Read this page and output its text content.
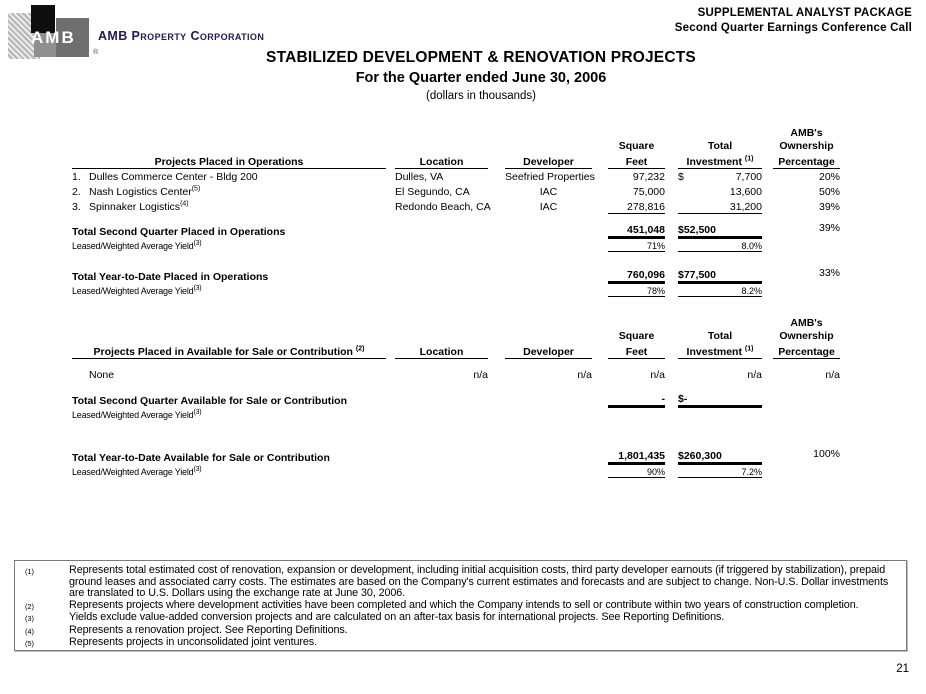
AMB
®
AMB Property Corporation
SUPPLEMENTAL ANALYST PACKAGE
Second Quarter Earnings Conference Call
STABILIZED DEVELOPMENT & RENOVATION PROJECTS
For the Quarter ended June 30, 2006
(dollars in thousands)
										AMB's
						Square		Total		Ownership
Projects Placed in Operations		Location		Developer		Feet		Investment $^{(1)}$		Percentage
1. Dulles Commerce Center - Bldg 200		Dulles, VA		Seefried Properties		97,232		$ 7,700		20%
2. Nash Logistics Center$^{(5)}$		El Segundo, CA		IAC		75,000		13,600		50%
3. Spinnaker Logistics$^{(4)}$		Redondo Beach, CA		IAC		278,816		31,200		39%

Total Second Quarter Placed in Operations						451,048		$52,500		39%
Leased/Weighted Average Yield$^{(3)}$						71%		8.0%		

Total Year-to-Date Placed in Operations						760,096		$77,500		33%
Leased/Weighted Average Yield$^{(3)}$						78%		8.2%		
										AMB's
						Square		Total		Ownership
Projects Placed in Available for Sale or Contribution $^{(2)}$		Location		Developer		Feet		Investment $^{(1)}$		Percentage

None		n/a		n/a		n/a		n/a		n/a

Total Second Quarter Available for Sale or Contribution						-		$-		

Leased/Weighted Average Yield$^{(3)}$						

Total Year-to-Date Available for Sale or Contribution						1,801,435		$260,300		100%
Leased/Weighted Average Yield$^{(3)}$						90%		7.2%		
(1)	Represents total estimated cost of renovation, expansion or development, including initial acquisition costs, third party developer earnouts (if triggered by stabilization), prepaid ground leases and associated carry costs. The estimates are based on the Company's current estimates and forecasts and are subject to change. Non-U.S. Dollar investments are translated to U.S. Dollars using the exchange rate at June 30, 2006.
(2)	Represents projects where development activities have been completed and which the Company intends to sell or contribute within two years of construction completion.
(3)	Yields exclude value-added conversion projects and are calculated on an after-tax basis for international projects. See Reporting Definitions.
(4)	Represents a renovation project. See Reporting Definitions.
(5)	Represents projects in unconsolidated joint ventures.
21
